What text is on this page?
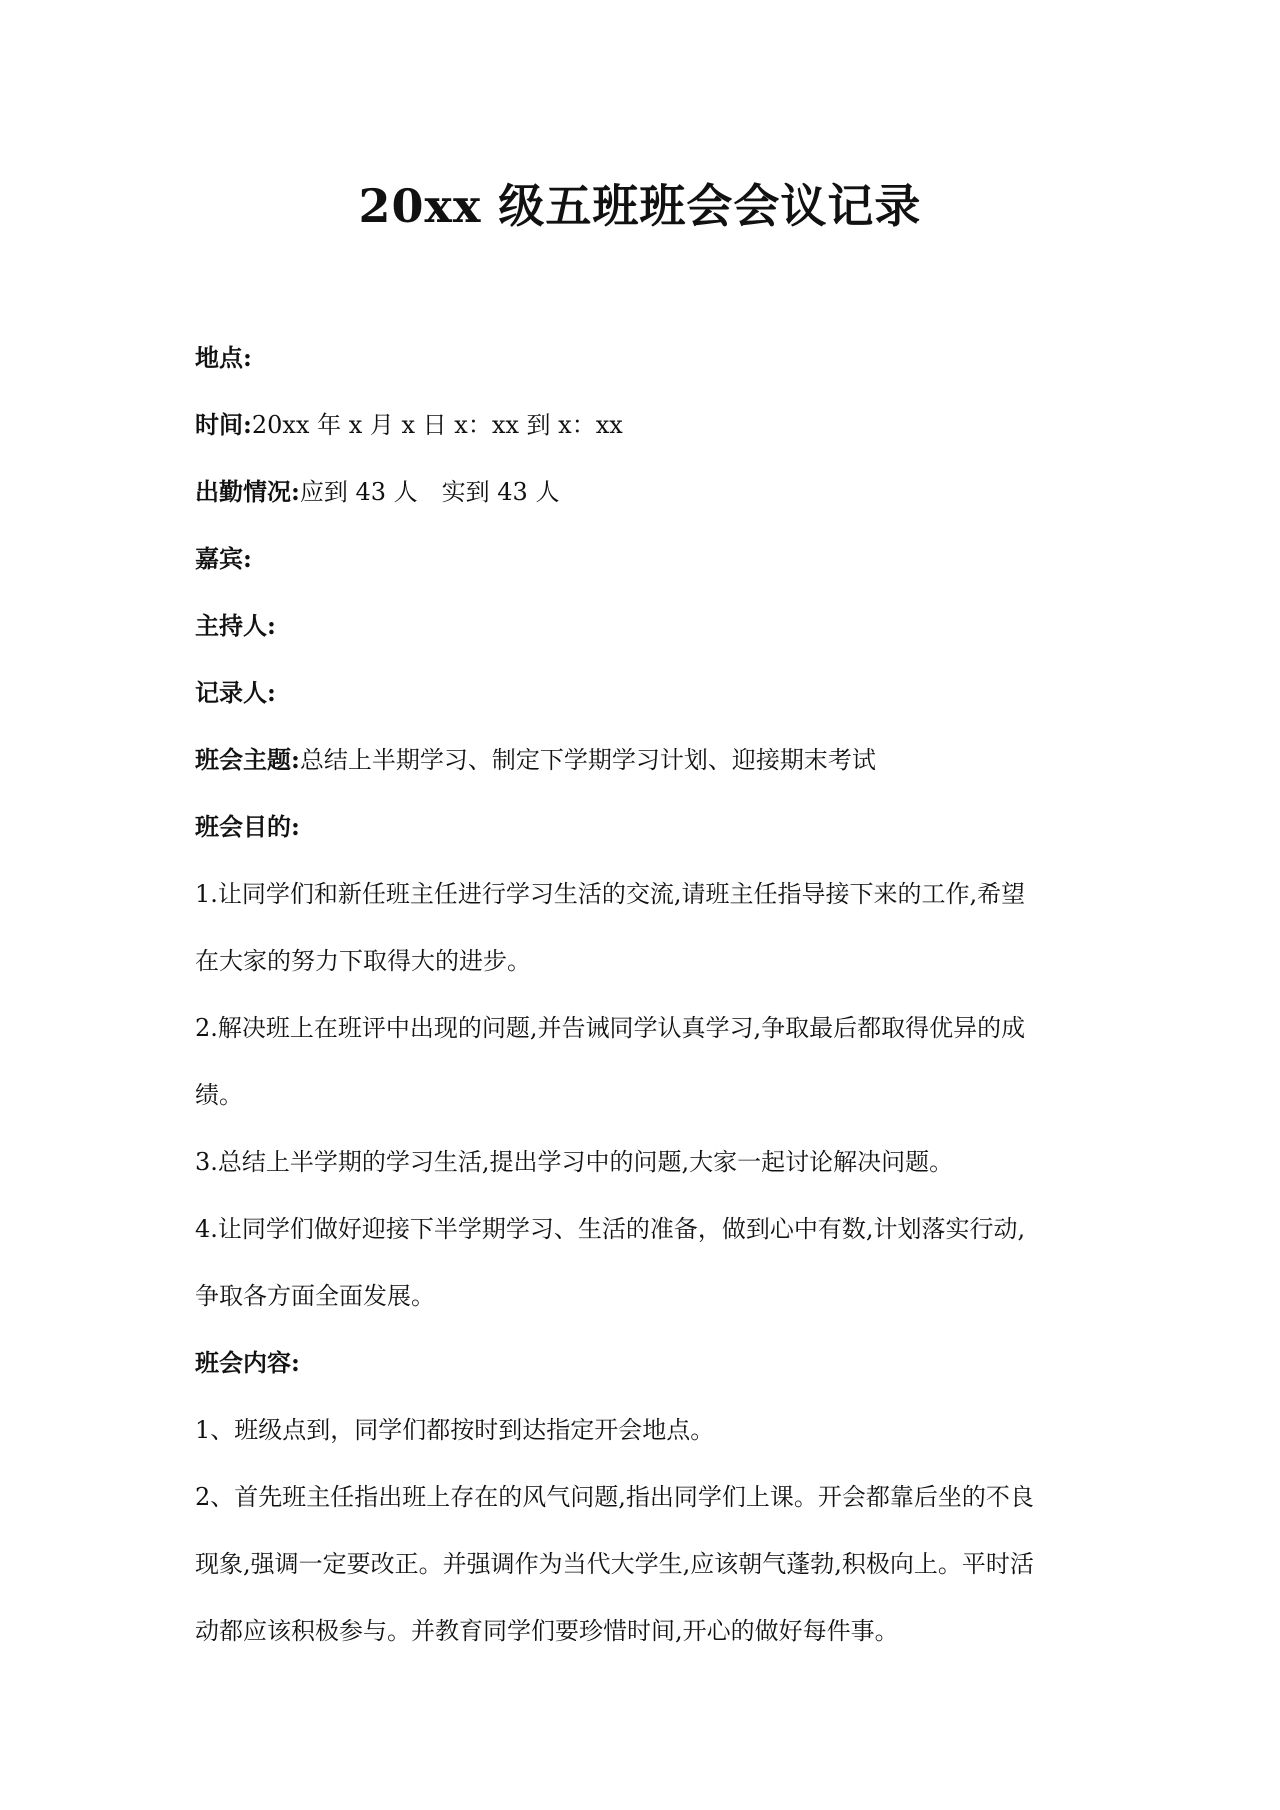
20xx 级五班班会会议记录
地点:
时间:20xx 年 x 月 x 日 x：xx 到 x：xx
出勤情况:应到 43 人 实到 43 人
嘉宾:
主持人:
记录人:
班会主题:总结上半期学习、制定下学期学习计划、迎接期末考试
班会目的:
1.让同学们和新任班主任进行学习生活的交流,请班主任指导接下来的工作,希望
在大家的努力下取得大的进步。
2.解决班上在班评中出现的问题,并告诫同学认真学习,争取最后都取得优异的成
绩。
3.总结上半学期的学习生活,提出学习中的问题,大家一起讨论解决问题。
4.让同学们做好迎接下半学期学习、生活的准备，做到心中有数,计划落实行动,
争取各方面全面发展。
班会内容:
1、班级点到，同学们都按时到达指定开会地点。
2、首先班主任指出班上存在的风气问题,指出同学们上课。开会都靠后坐的不良
现象,强调一定要改正。并强调作为当代大学生,应该朝气蓬勃,积极向上。平时活
动都应该积极参与。并教育同学们要珍惜时间,开心的做好每件事。
